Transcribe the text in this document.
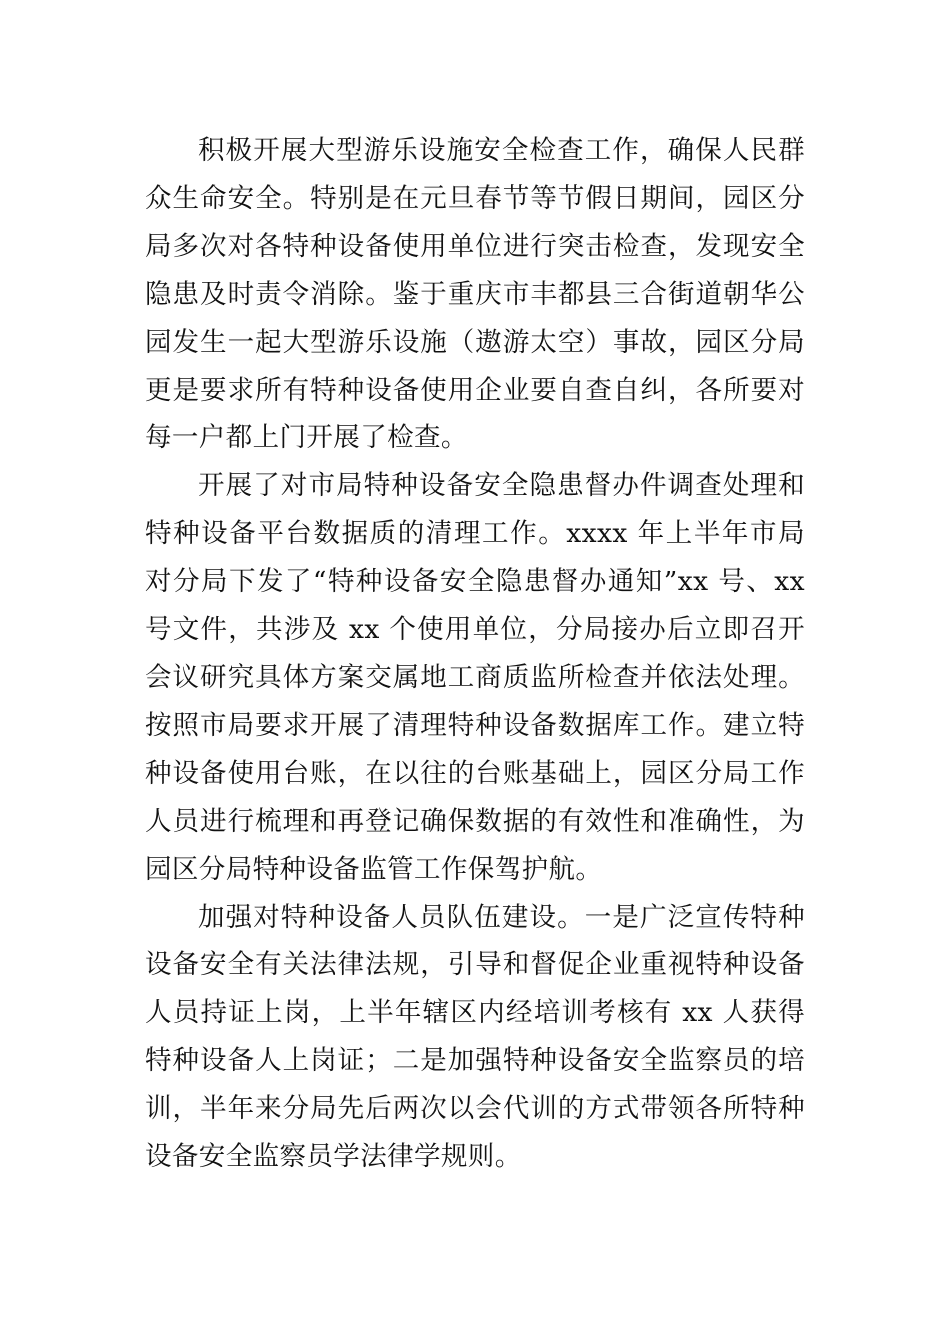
积极开展大型游乐设施安全检查工作，确保人民群众生命安全。特别是在元旦春节等节假日期间，园区分局多次对各特种设备使用单位进行突击检查，发现安全隐患及时责令消除。鉴于重庆市丰都县三合街道朝华公园发生一起大型游乐设施（遨游太空）事故，园区分局更是要求所有特种设备使用企业要自查自纠，各所要对每一户都上门开展了检查。

开展了对市局特种设备安全隐患督办件调查处理和特种设备平台数据质的清理工作。xxxx 年上半年市局对分局下发了“特种设备安全隐患督办通知”xx 号、xx 号文件，共涉及 xx 个使用单位，分局接办后立即召开会议研究具体方案交属地工商质监所检查并依法处理。按照市局要求开展了清理特种设备数据库工作。建立特种设备使用台账，在以往的台账基础上，园区分局工作人员进行梳理和再登记确保数据的有效性和准确性，为园区分局特种设备监管工作保驾护航。

加强对特种设备人员队伍建设。一是广泛宣传特种设备安全有关法律法规，引导和督促企业重视特种设备人员持证上岗，上半年辖区内经培训考核有 xx 人获得特种设备人上岗证；二是加强特种设备安全监察员的培训，半年来分局先后两次以会代训的方式带领各所特种设备安全监察员学法律学规则。
